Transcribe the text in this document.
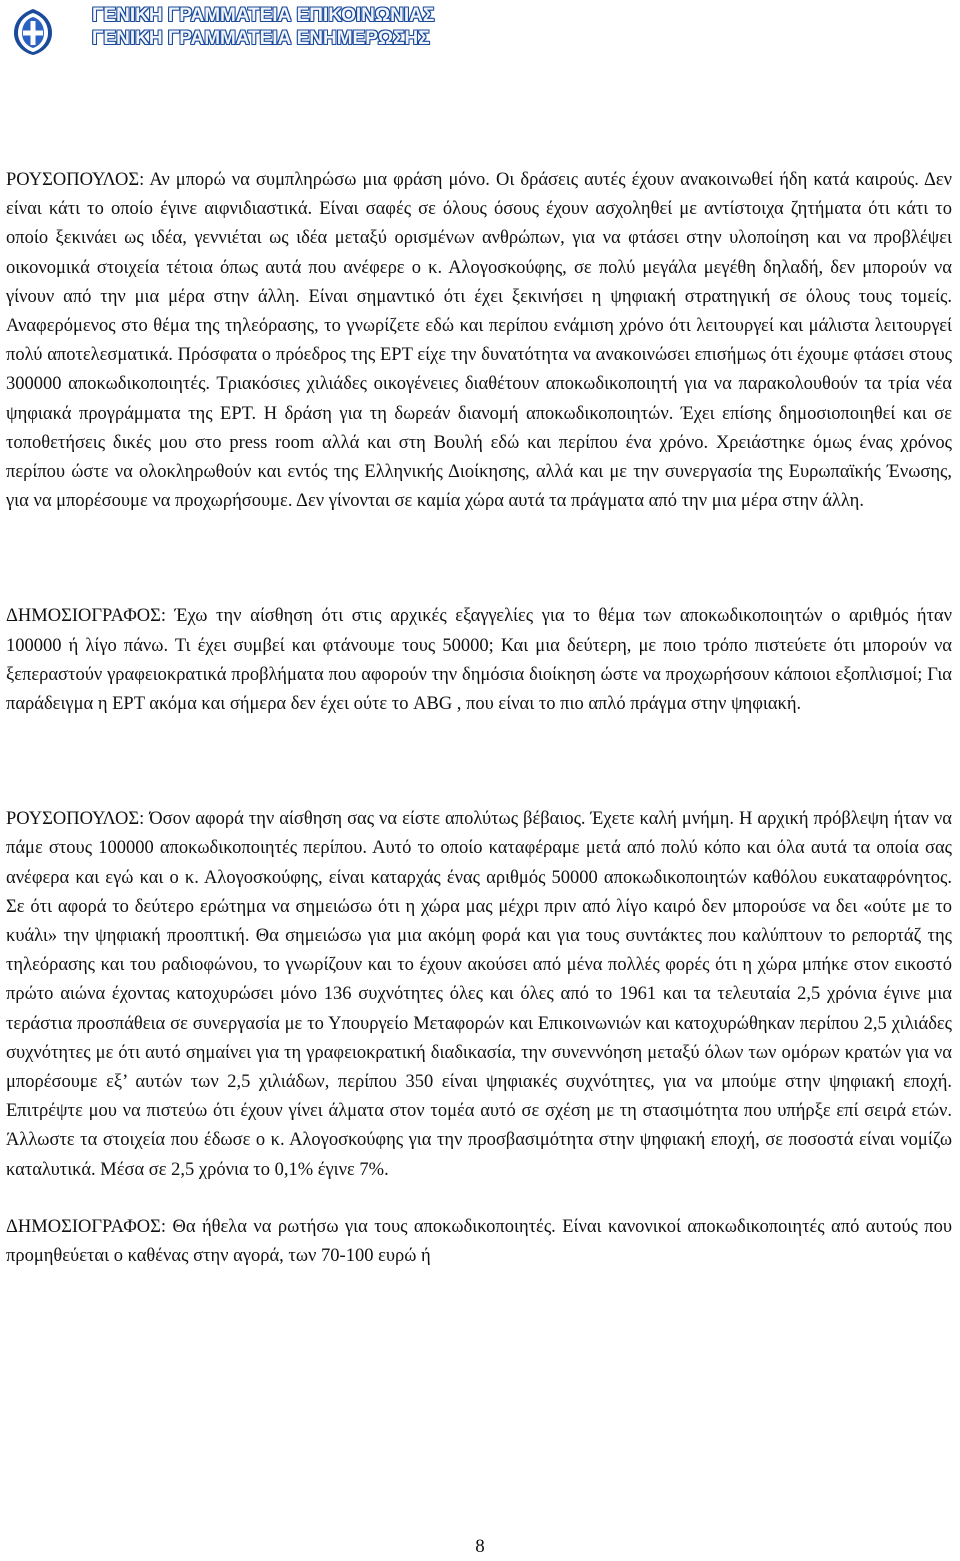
ΓΕΝΙΚΗ ΓΡΑΜΜΑΤΕΙΑ ΕΠΙΚΟΙΝΩΝΙΑΣ
ΓΕΝΙΚΗ ΓΡΑΜΜΑΤΕΙΑ ΕΝΗΜΕΡΩΣΗΣ

ΡΟΥΣΟΠΟΥΛΟΣ: Αν μπορώ να συμπληρώσω μια φράση μόνο. Οι δράσεις αυτές έχουν ανακοινωθεί ήδη κατά καιρούς. Δεν είναι κάτι το οποίο έγινε αιφνιδιαστικά. Είναι σαφές σε όλους όσους έχουν ασχοληθεί με αντίστοιχα ζητήματα ότι κάτι το οποίο ξεκινάει ως ιδέα, γεννιέται ως ιδέα μεταξύ ορισμένων ανθρώπων, για να φτάσει στην υλοποίηση και να προβλέψει οικονομικά στοιχεία τέτοια όπως αυτά που ανέφερε ο κ. Αλογοσκούφης, σε πολύ μεγάλα μεγέθη δηλαδή, δεν μπορούν να γίνουν από την μια μέρα στην άλλη. Είναι σημαντικό ότι έχει ξεκινήσει η ψηφιακή στρατηγική σε όλους τους τομείς. Αναφερόμενος στο θέμα της τηλεόρασης, το γνωρίζετε εδώ και περίπου ενάμιση χρόνο ότι λειτουργεί και μάλιστα λειτουργεί πολύ αποτελεσματικά. Πρόσφατα ο πρόεδρος της ΕΡΤ είχε την δυνατότητα να ανακοινώσει επισήμως ότι έχουμε φτάσει στους 300000 αποκωδικοποιητές. Τριακόσιες χιλιάδες οικογένειες διαθέτουν αποκωδικοποιητή για να παρακολουθούν τα τρία νέα ψηφιακά προγράμματα της ΕΡΤ. Η δράση για τη δωρεάν διανομή αποκωδικοποιητών. Έχει επίσης δημοσιοποιηθεί και σε τοποθετήσεις δικές μου στο press room αλλά και στη Βουλή εδώ και περίπου ένα χρόνο. Χρειάστηκε όμως ένας χρόνος περίπου ώστε να ολοκληρωθούν και εντός της Ελληνικής Διοίκησης, αλλά και με την συνεργασία της Ευρωπαϊκής Ένωσης, για να μπορέσουμε να προχωρήσουμε. Δεν γίνονται σε καμία χώρα αυτά τα πράγματα από την μια μέρα στην άλλη.

ΔΗΜΟΣΙΟΓΡΑΦΟΣ: Έχω την αίσθηση ότι στις αρχικές εξαγγελίες για το θέμα των αποκωδικοποιητών ο αριθμός ήταν 100000 ή λίγο πάνω. Τι έχει συμβεί και φτάνουμε τους 50000; Και μια δεύτερη, με ποιο τρόπο πιστεύετε ότι μπορούν να ξεπεραστούν γραφειοκρατικά προβλήματα που αφορούν την δημόσια διοίκηση ώστε να προχωρήσουν κάποιοι εξοπλισμοί; Για παράδειγμα η ΕΡΤ ακόμα και σήμερα δεν έχει ούτε το ABG , που είναι το πιο απλό πράγμα στην ψηφιακή.

ΡΟΥΣΟΠΟΥΛΟΣ: Όσον αφορά την αίσθηση σας να είστε απολύτως βέβαιος. Έχετε καλή μνήμη. Η αρχική πρόβλεψη ήταν να πάμε στους 100000 αποκωδικοποιητές περίπου. Αυτό το οποίο καταφέραμε μετά από πολύ κόπο και όλα αυτά τα οποία σας ανέφερα και εγώ και ο κ. Αλογοσκούφης, είναι καταρχάς ένας αριθμός 50000 αποκωδικοποιητών καθόλου ευκαταφρόνητος. Σε ότι αφορά το δεύτερο ερώτημα να σημειώσω ότι η χώρα μας μέχρι πριν από λίγο καιρό δεν μπορούσε να δει «ούτε με το κυάλι» την ψηφιακή προοπτική. Θα σημειώσω για μια ακόμη φορά και για τους συντάκτες που καλύπτουν το ρεπορτάζ της τηλεόρασης και του ραδιοφώνου, το γνωρίζουν και το έχουν ακούσει από μένα πολλές φορές ότι η χώρα μπήκε στον εικοστό πρώτο αιώνα έχοντας κατοχυρώσει μόνο 136 συχνότητες όλες και όλες από το 1961 και τα τελευταία 2,5 χρόνια έγινε μια τεράστια προσπάθεια σε συνεργασία με το Υπουργείο Μεταφορών και Επικοινωνιών και κατοχυρώθηκαν περίπου 2,5 χιλιάδες συχνότητες με ότι αυτό σημαίνει για τη γραφειοκρατική διαδικασία, την συνεννόηση μεταξύ όλων των ομόρων κρατών για να μπορέσουμε εξ’ αυτών των 2,5 χιλιάδων, περίπου 350 είναι ψηφιακές συχνότητες, για να μπούμε στην ψηφιακή εποχή. Επιτρέψτε μου να πιστεύω ότι έχουν γίνει άλματα στον τομέα αυτό σε σχέση με τη στασιμότητα που υπήρξε επί σειρά ετών. Άλλωστε τα στοιχεία που έδωσε ο κ. Αλογοσκούφης για την προσβασιμότητα στην ψηφιακή εποχή, σε ποσοστά είναι νομίζω καταλυτικά. Μέσα σε 2,5 χρόνια το 0,1% έγινε 7%.

ΔΗΜΟΣΙΟΓΡΑΦΟΣ: Θα ήθελα να ρωτήσω για τους αποκωδικοποιητές. Είναι κανονικοί αποκωδικοποιητές από αυτούς που προμηθεύεται ο καθένας στην αγορά, των 70-100 ευρώ ή

8
